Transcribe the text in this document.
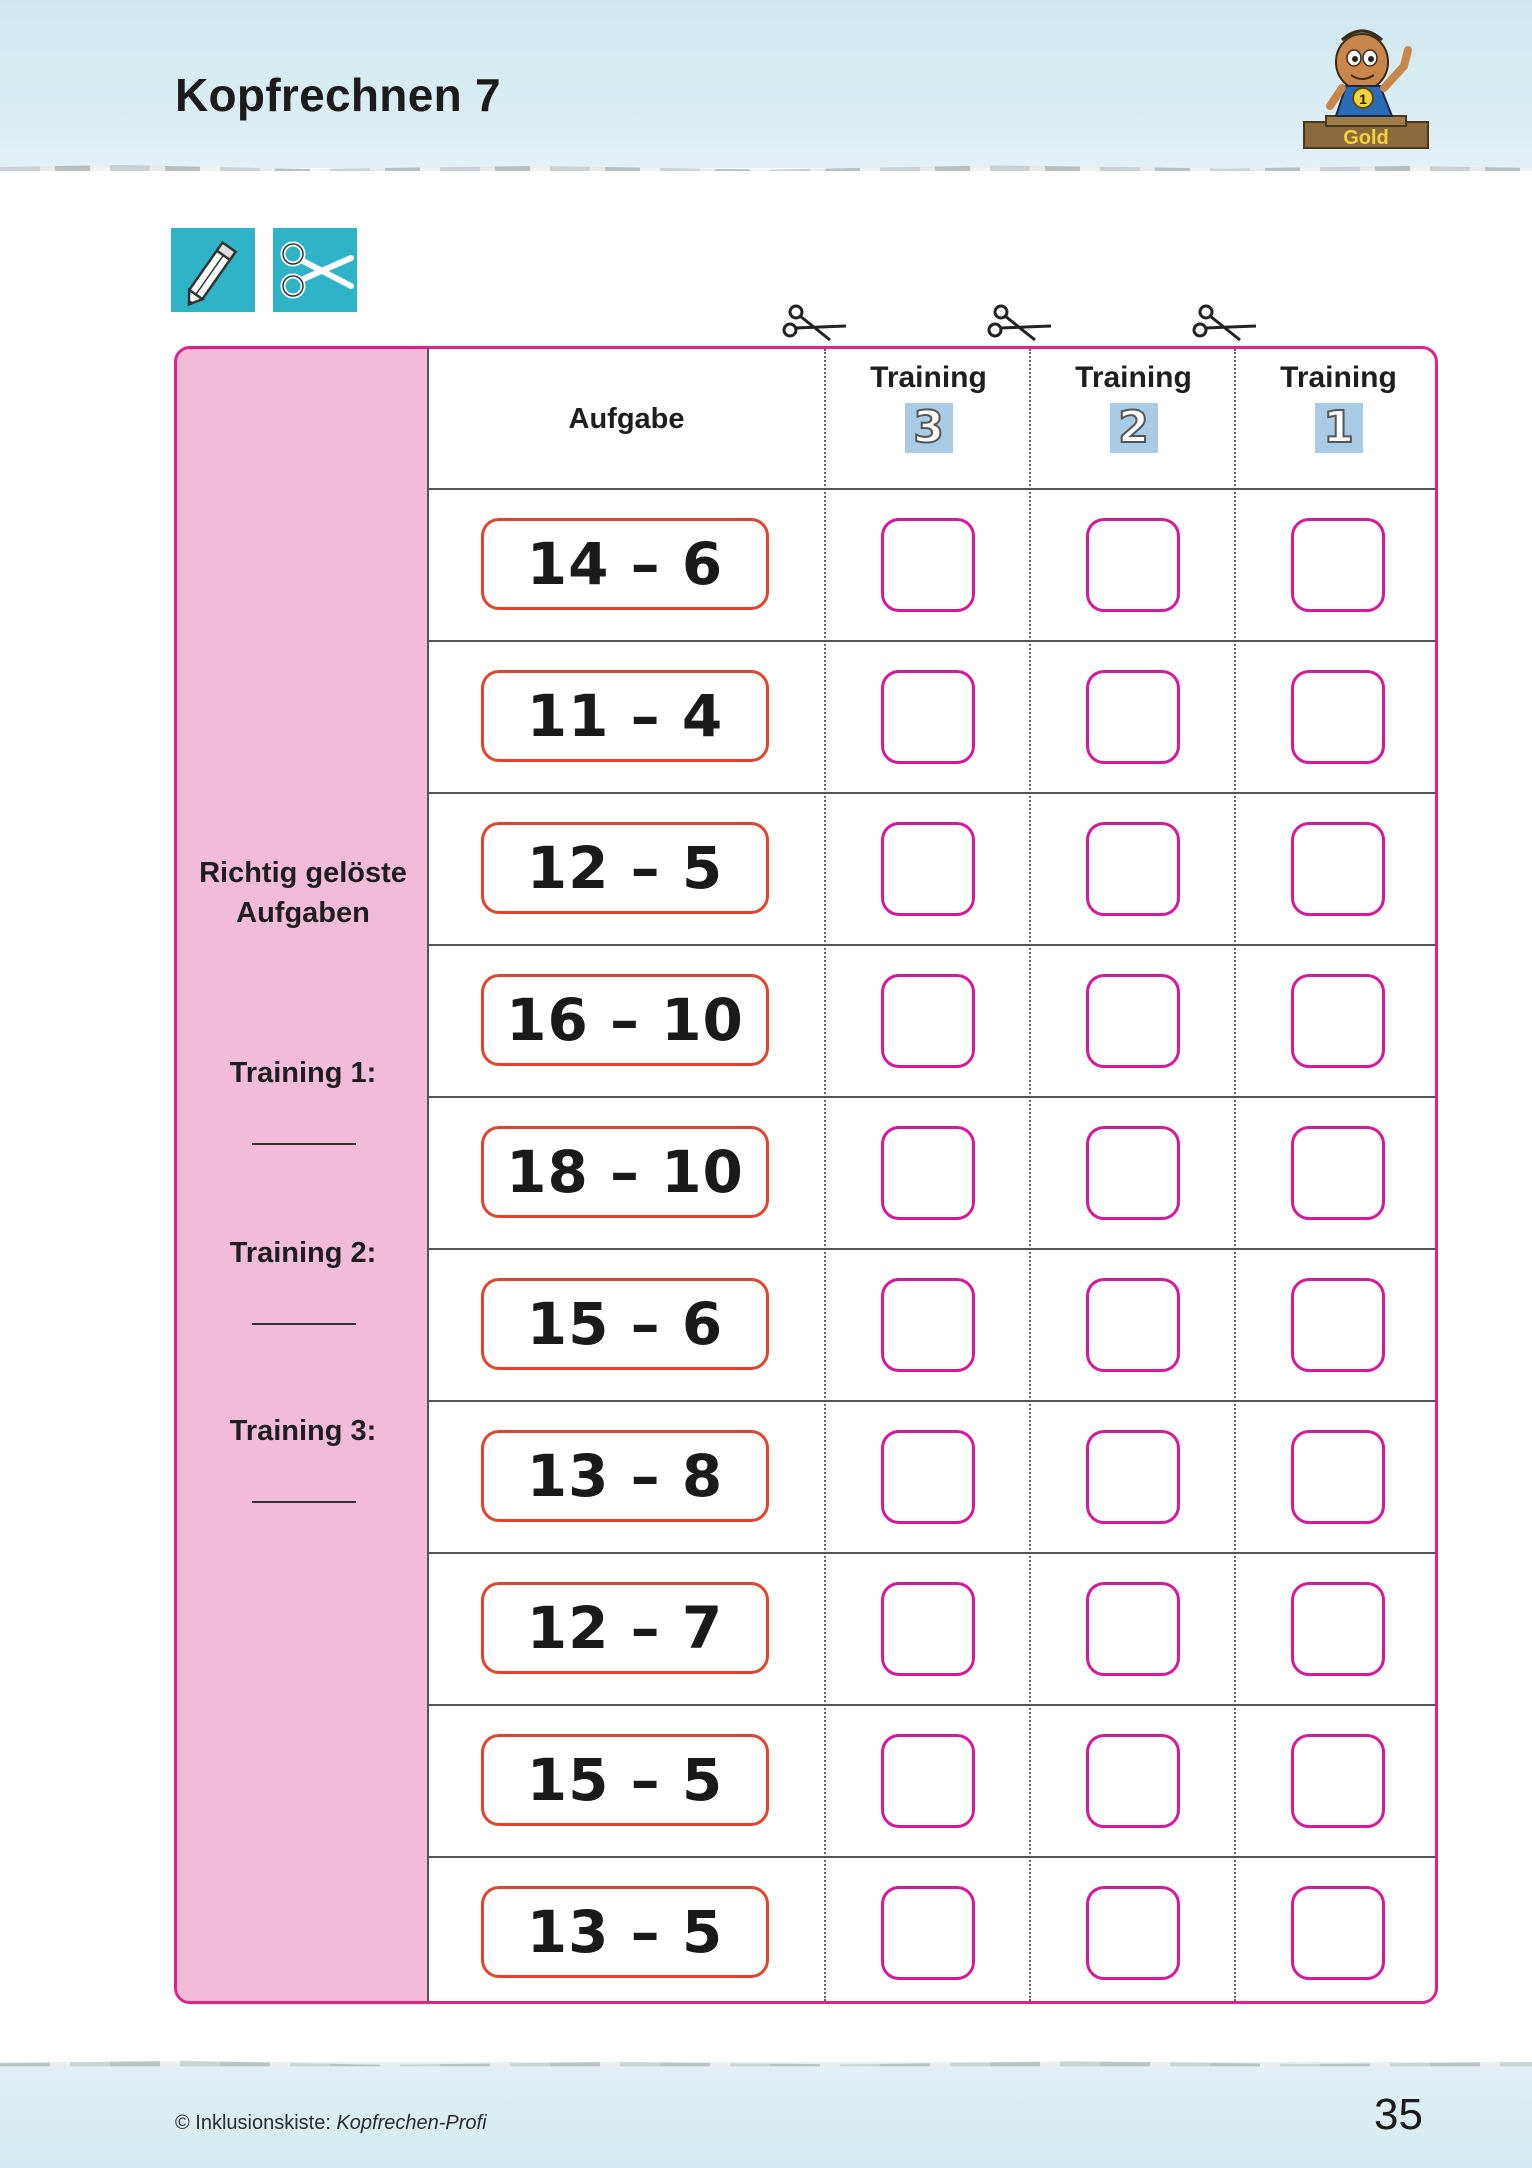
Kopfrechnen 7
Gold
1
Richtig gelöste
Aufgaben
Training 1:
Training 2:
Training 3:
Aufgabe
Training
3
Training
2
Training
1
14 – 6
11 – 4
12 – 5
16 – 10
18 – 10
15 – 6
13 – 8
12 – 7
15 – 5
13 – 5
© Inklusionskiste: Kopfrechen-Profi	35
